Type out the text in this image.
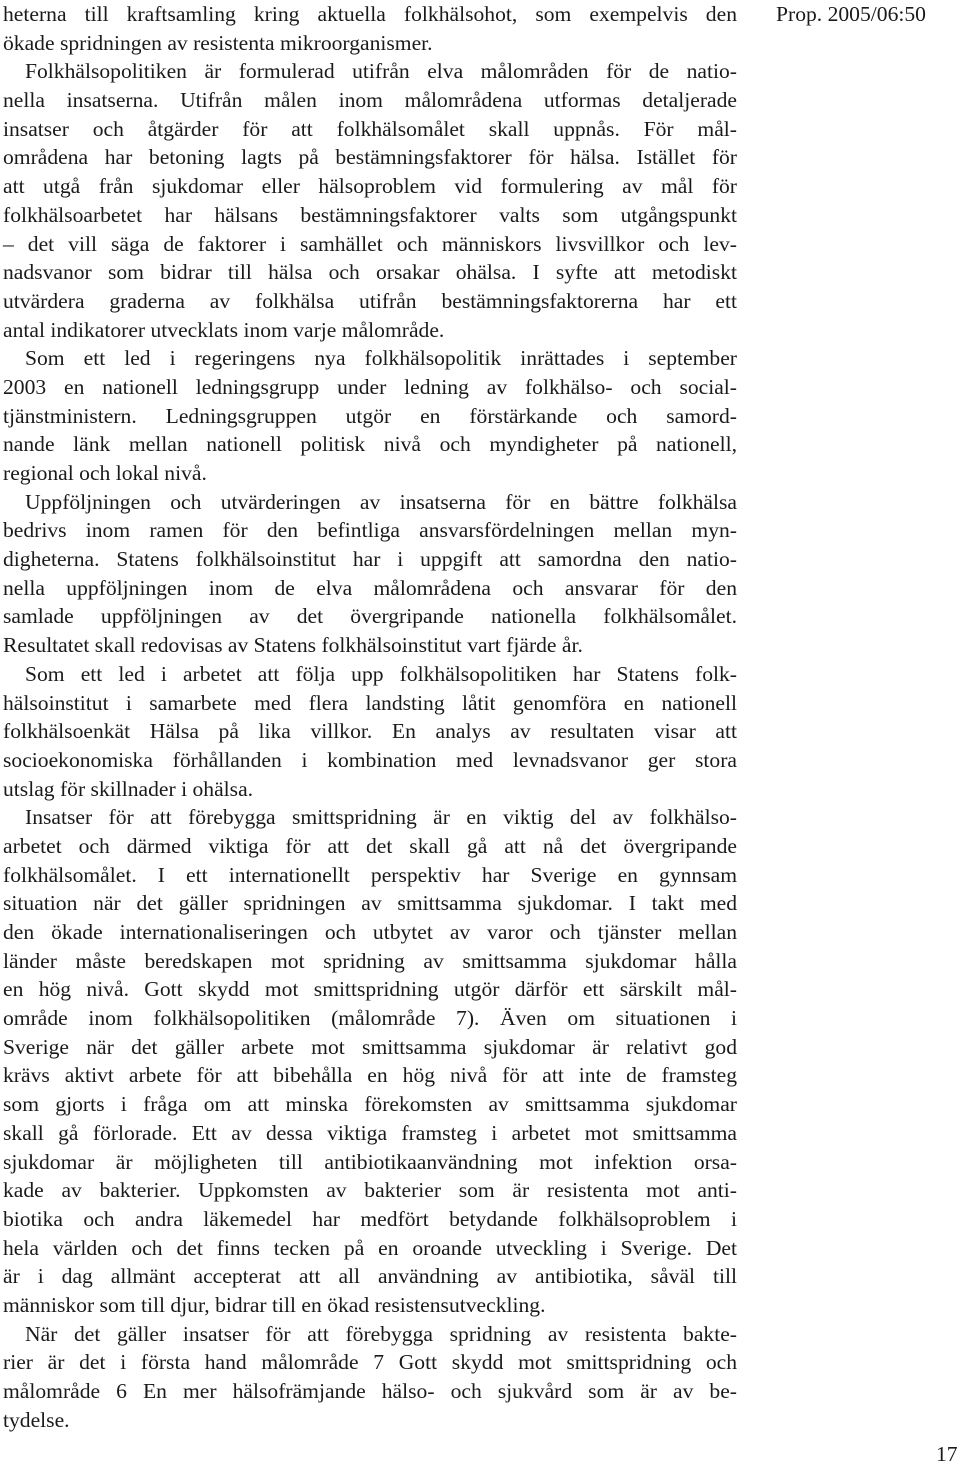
Prop. 2005/06:50
heterna till kraftsamling kring aktuella folkhälsohot, som exempelvis den
ökade spridningen av resistenta mikroorganismer.
Folkhälsopolitiken är formulerad utifrån elva målområden för de natio-
nella insatserna. Utifrån målen inom målområdena utformas detaljerade
insatser och åtgärder för att folkhälsomålet skall uppnås. För mål-
områdena har betoning lagts på bestämningsfaktorer för hälsa. Istället för
att utgå från sjukdomar eller hälsoproblem vid formulering av mål för
folkhälsoarbetet har hälsans bestämningsfaktorer valts som utgångspunkt
– det vill säga de faktorer i samhället och människors livsvillkor och lev-
nadsvanor som bidrar till hälsa och orsakar ohälsa. I syfte att metodiskt
utvärdera graderna av folkhälsa utifrån bestämningsfaktorerna har ett
antal indikatorer utvecklats inom varje målområde.
Som ett led i regeringens nya folkhälsopolitik inrättades i september
2003 en nationell ledningsgrupp under ledning av folkhälso- och social-
tjänstministern. Ledningsgruppen utgör en förstärkande och samord-
nande länk mellan nationell politisk nivå och myndigheter på nationell,
regional och lokal nivå.
Uppföljningen och utvärderingen av insatserna för en bättre folkhälsa
bedrivs inom ramen för den befintliga ansvarsfördelningen mellan myn-
digheterna. Statens folkhälsoinstitut har i uppgift att samordna den natio-
nella uppföljningen inom de elva målområdena och ansvarar för den
samlade uppföljningen av det övergripande nationella folkhälsomålet.
Resultatet skall redovisas av Statens folkhälsoinstitut vart fjärde år.
Som ett led i arbetet att följa upp folkhälsopolitiken har Statens folk-
hälsoinstitut i samarbete med flera landsting låtit genomföra en nationell
folkhälsoenkät Hälsa på lika villkor. En analys av resultaten visar att
socioekonomiska förhållanden i kombination med levnadsvanor ger stora
utslag för skillnader i ohälsa.
Insatser för att förebygga smittspridning är en viktig del av folkhälso-
arbetet och därmed viktiga för att det skall gå att nå det övergripande
folkhälsomålet. I ett internationellt perspektiv har Sverige en gynnsam
situation när det gäller spridningen av smittsamma sjukdomar. I takt med
den ökade internationaliseringen och utbytet av varor och tjänster mellan
länder måste beredskapen mot spridning av smittsamma sjukdomar hålla
en hög nivå. Gott skydd mot smittspridning utgör därför ett särskilt mål-
område inom folkhälsopolitiken (målområde 7). Även om situationen i
Sverige när det gäller arbete mot smittsamma sjukdomar är relativt god
krävs aktivt arbete för att bibehålla en hög nivå för att inte de framsteg
som gjorts i fråga om att minska förekomsten av smittsamma sjukdomar
skall gå förlorade. Ett av dessa viktiga framsteg i arbetet mot smittsamma
sjukdomar är möjligheten till antibiotikaanvändning mot infektion orsa-
kade av bakterier. Uppkomsten av bakterier som är resistenta mot anti-
biotika och andra läkemedel har medfört betydande folkhälsoproblem i
hela världen och det finns tecken på en oroande utveckling i Sverige. Det
är i dag allmänt accepterat att all användning av antibiotika, såväl till
människor som till djur, bidrar till en ökad resistensutveckling.
När det gäller insatser för att förebygga spridning av resistenta bakte-
rier är det i första hand målområde 7 Gott skydd mot smittspridning och
målområde 6 En mer hälsofrämjande hälso- och sjukvård som är av be-
tydelse.
17
